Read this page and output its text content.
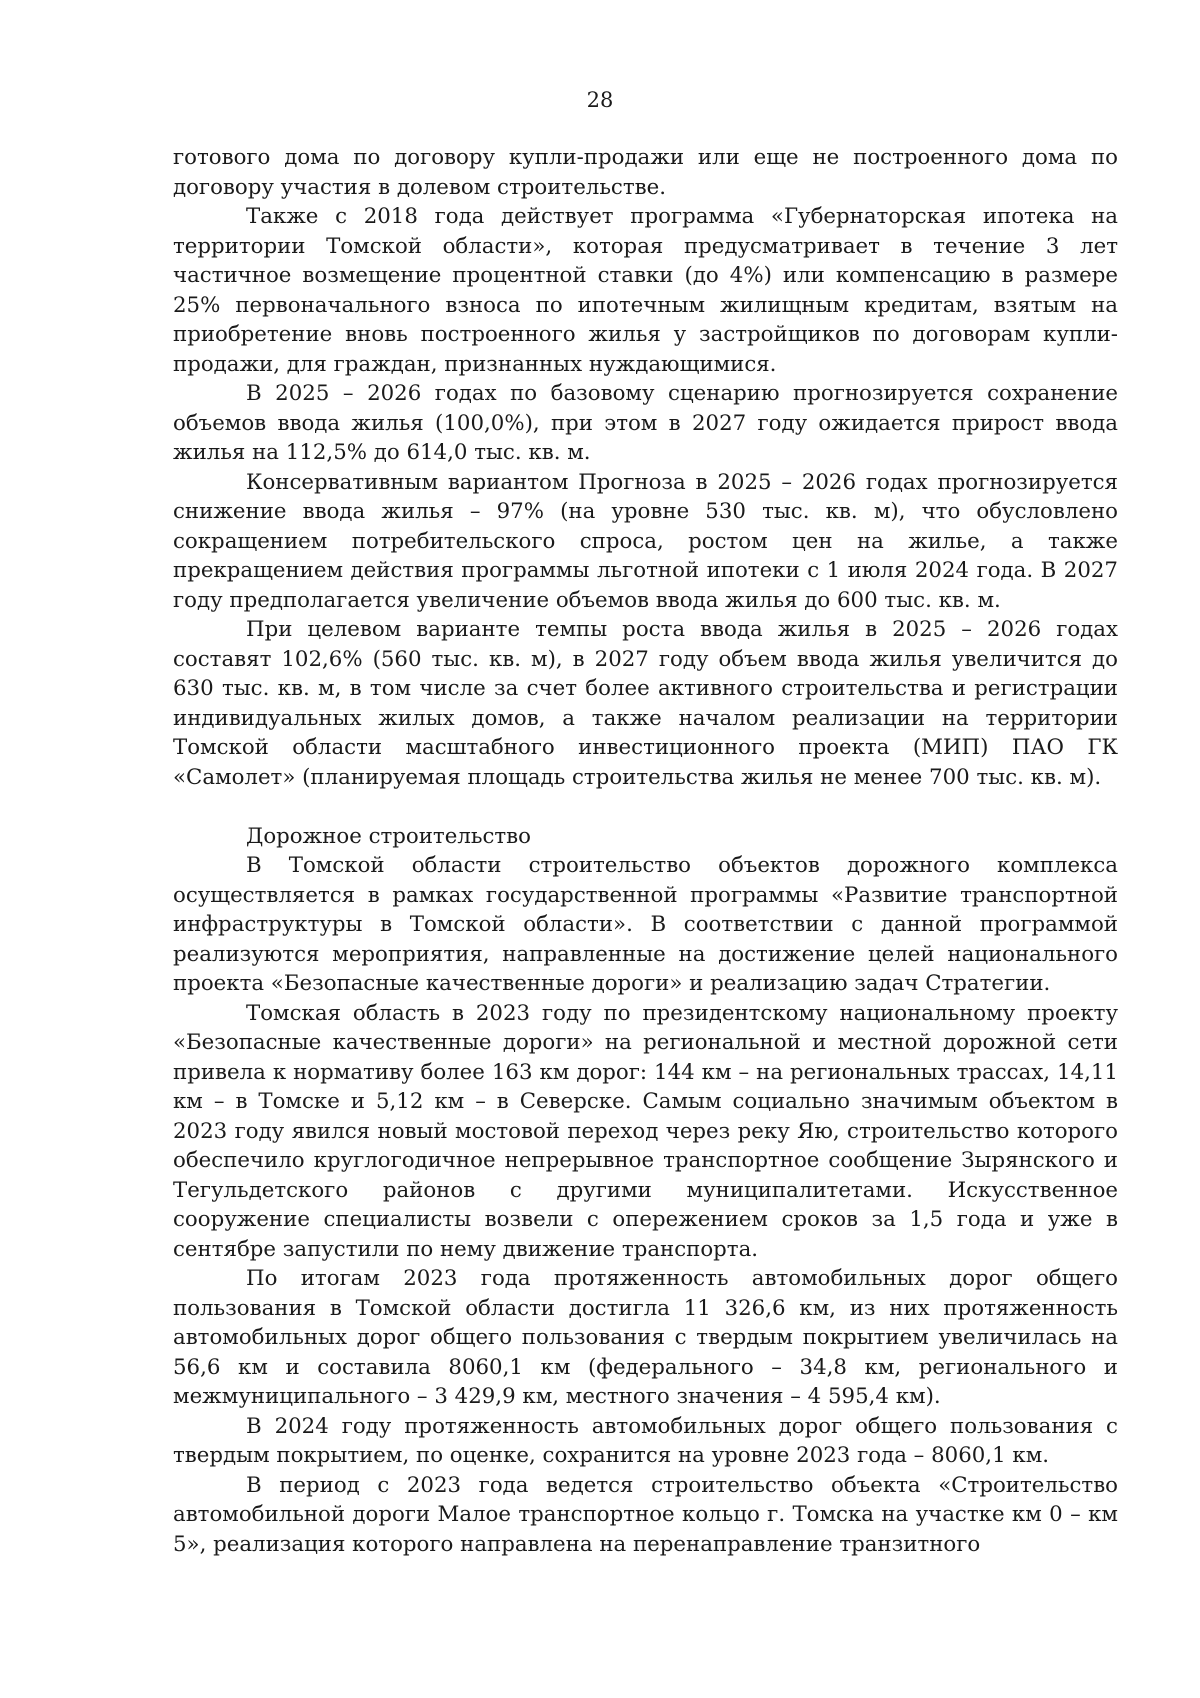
28

готового дома по договору купли-продажи или еще не построенного дома по договору участия в долевом строительстве.

Также с 2018 года действует программа «Губернаторская ипотека на территории Томской области», которая предусматривает в течение 3 лет частичное возмещение процентной ставки (до 4%) или компенсацию в размере 25% первоначального взноса по ипотечным жилищным кредитам, взятым на приобретение вновь построенного жилья у застройщиков по договорам купли-продажи, для граждан, признанных нуждающимися.

В 2025 – 2026 годах по базовому сценарию прогнозируется сохранение объемов ввода жилья (100,0%), при этом в 2027 году ожидается прирост ввода жилья на 112,5% до 614,0 тыс. кв. м.

Консервативным вариантом Прогноза в 2025 – 2026 годах прогнозируется снижение ввода жилья – 97% (на уровне 530 тыс. кв. м), что обусловлено сокращением потребительского спроса, ростом цен на жилье, а также прекращением действия программы льготной ипотеки с 1 июля 2024 года. В 2027 году предполагается увеличение объемов ввода жилья до 600 тыс. кв. м.

При целевом варианте темпы роста ввода жилья в 2025 – 2026 годах составят 102,6% (560 тыс. кв. м), в 2027 году объем ввода жилья увеличится до 630 тыс. кв. м, в том числе за счет более активного строительства и регистрации индивидуальных жилых домов, а также началом реализации на территории Томской области масштабного инвестиционного проекта (МИП) ПАО ГК «Самолет» (планируемая площадь строительства жилья не менее 700 тыс. кв. м).

Дорожное строительство

В Томской области строительство объектов дорожного комплекса осуществляется в рамках государственной программы «Развитие транспортной инфраструктуры в Томской области». В соответствии с данной программой реализуются мероприятия, направленные на достижение целей национального проекта «Безопасные качественные дороги» и реализацию задач Стратегии.

Томская область в 2023 году по президентскому национальному проекту «Безопасные качественные дороги» на региональной и местной дорожной сети привела к нормативу более 163 км дорог: 144 км – на региональных трассах, 14,11 км – в Томске и 5,12 км – в Северске. Самым социально значимым объектом в 2023 году явился новый мостовой переход через реку Яю, строительство которого обеспечило круглогодичное непрерывное транспортное сообщение Зырянского и Тегульдетского районов с другими муниципалитетами. Искусственное сооружение специалисты возвели с опережением сроков за 1,5 года и уже в сентябре запустили по нему движение транспорта.

По итогам 2023 года протяженность автомобильных дорог общего пользования в Томской области достигла 11 326,6 км, из них протяженность автомобильных дорог общего пользования с твердым покрытием увеличилась на 56,6 км и составила 8060,1 км (федерального – 34,8 км, регионального и межмуниципального – 3 429,9 км, местного значения – 4 595,4 км).

В 2024 году протяженность автомобильных дорог общего пользования с твердым покрытием, по оценке, сохранится на уровне 2023 года – 8060,1 км.

В период с 2023 года ведется строительство объекта «Строительство автомобильной дороги Малое транспортное кольцо г. Томска на участке км 0 – км 5», реализация которого направлена на перенаправление транзитного
